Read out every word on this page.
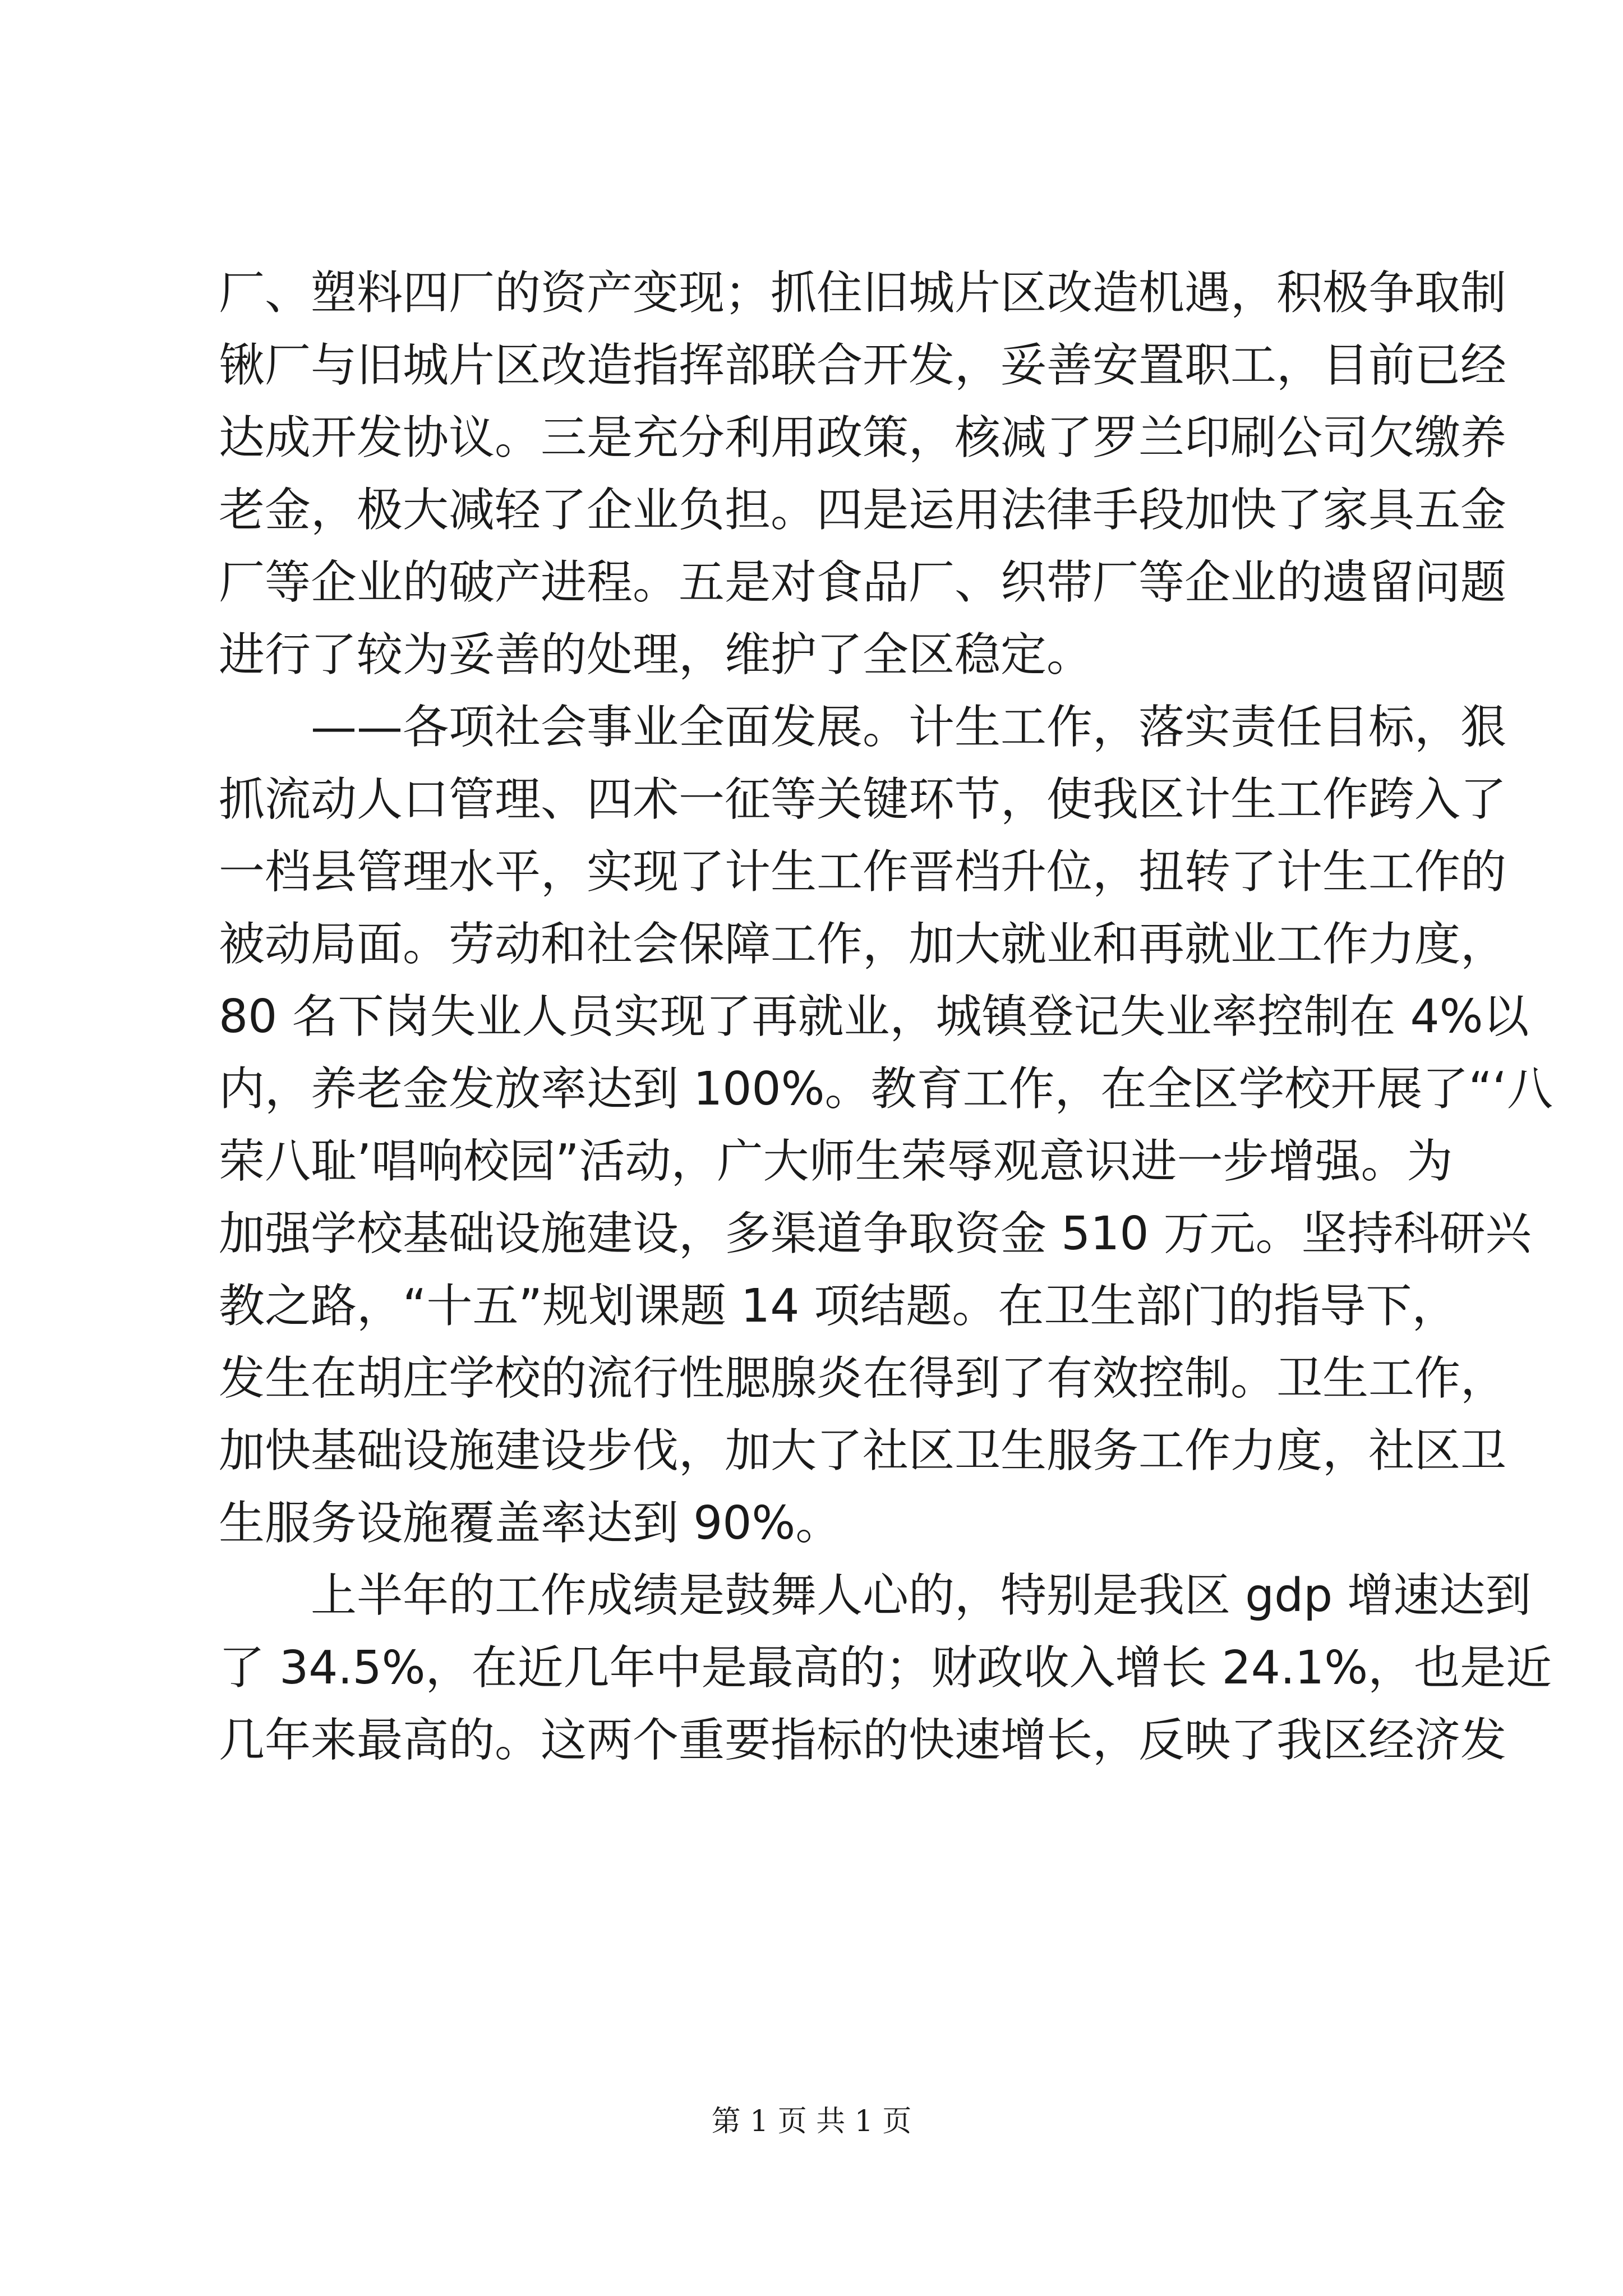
厂、塑料四厂的资产变现；抓住旧城片区改造机遇，积极争取制
锹厂与旧城片区改造指挥部联合开发，妥善安置职工，目前已经
达成开发协议。三是充分利用政策，核减了罗兰印刷公司欠缴养
老金，极大减轻了企业负担。四是运用法律手段加快了家具五金
厂等企业的破产进程。五是对食品厂、织带厂等企业的遗留问题
进行了较为妥善的处理，维护了全区稳定。
——各项社会事业全面发展。计生工作，落实责任目标，狠
抓流动人口管理、四术一征等关键环节，使我区计生工作跨入了
一档县管理水平，实现了计生工作晋档升位，扭转了计生工作的
被动局面。劳动和社会保障工作，加大就业和再就业工作力度，
80 名下岗失业人员实现了再就业，城镇登记失业率控制在 4%以
内，养老金发放率达到 100%。教育工作，在全区学校开展了“‘八
荣八耻’唱响校园”活动，广大师生荣辱观意识进一步增强。为
加强学校基础设施建设，多渠道争取资金 510 万元。坚持科研兴
教之路，“十五”规划课题 14 项结题。在卫生部门的指导下，
发生在胡庄学校的流行性腮腺炎在得到了有效控制。卫生工作，
加快基础设施建设步伐，加大了社区卫生服务工作力度，社区卫
生服务设施覆盖率达到 90%。
上半年的工作成绩是鼓舞人心的，特别是我区 gdp 增速达到
了 34.5%，在近几年中是最高的；财政收入增长 24.1%，也是近
几年来最高的。这两个重要指标的快速增长，反映了我区经济发
第 1 页 共 1 页
